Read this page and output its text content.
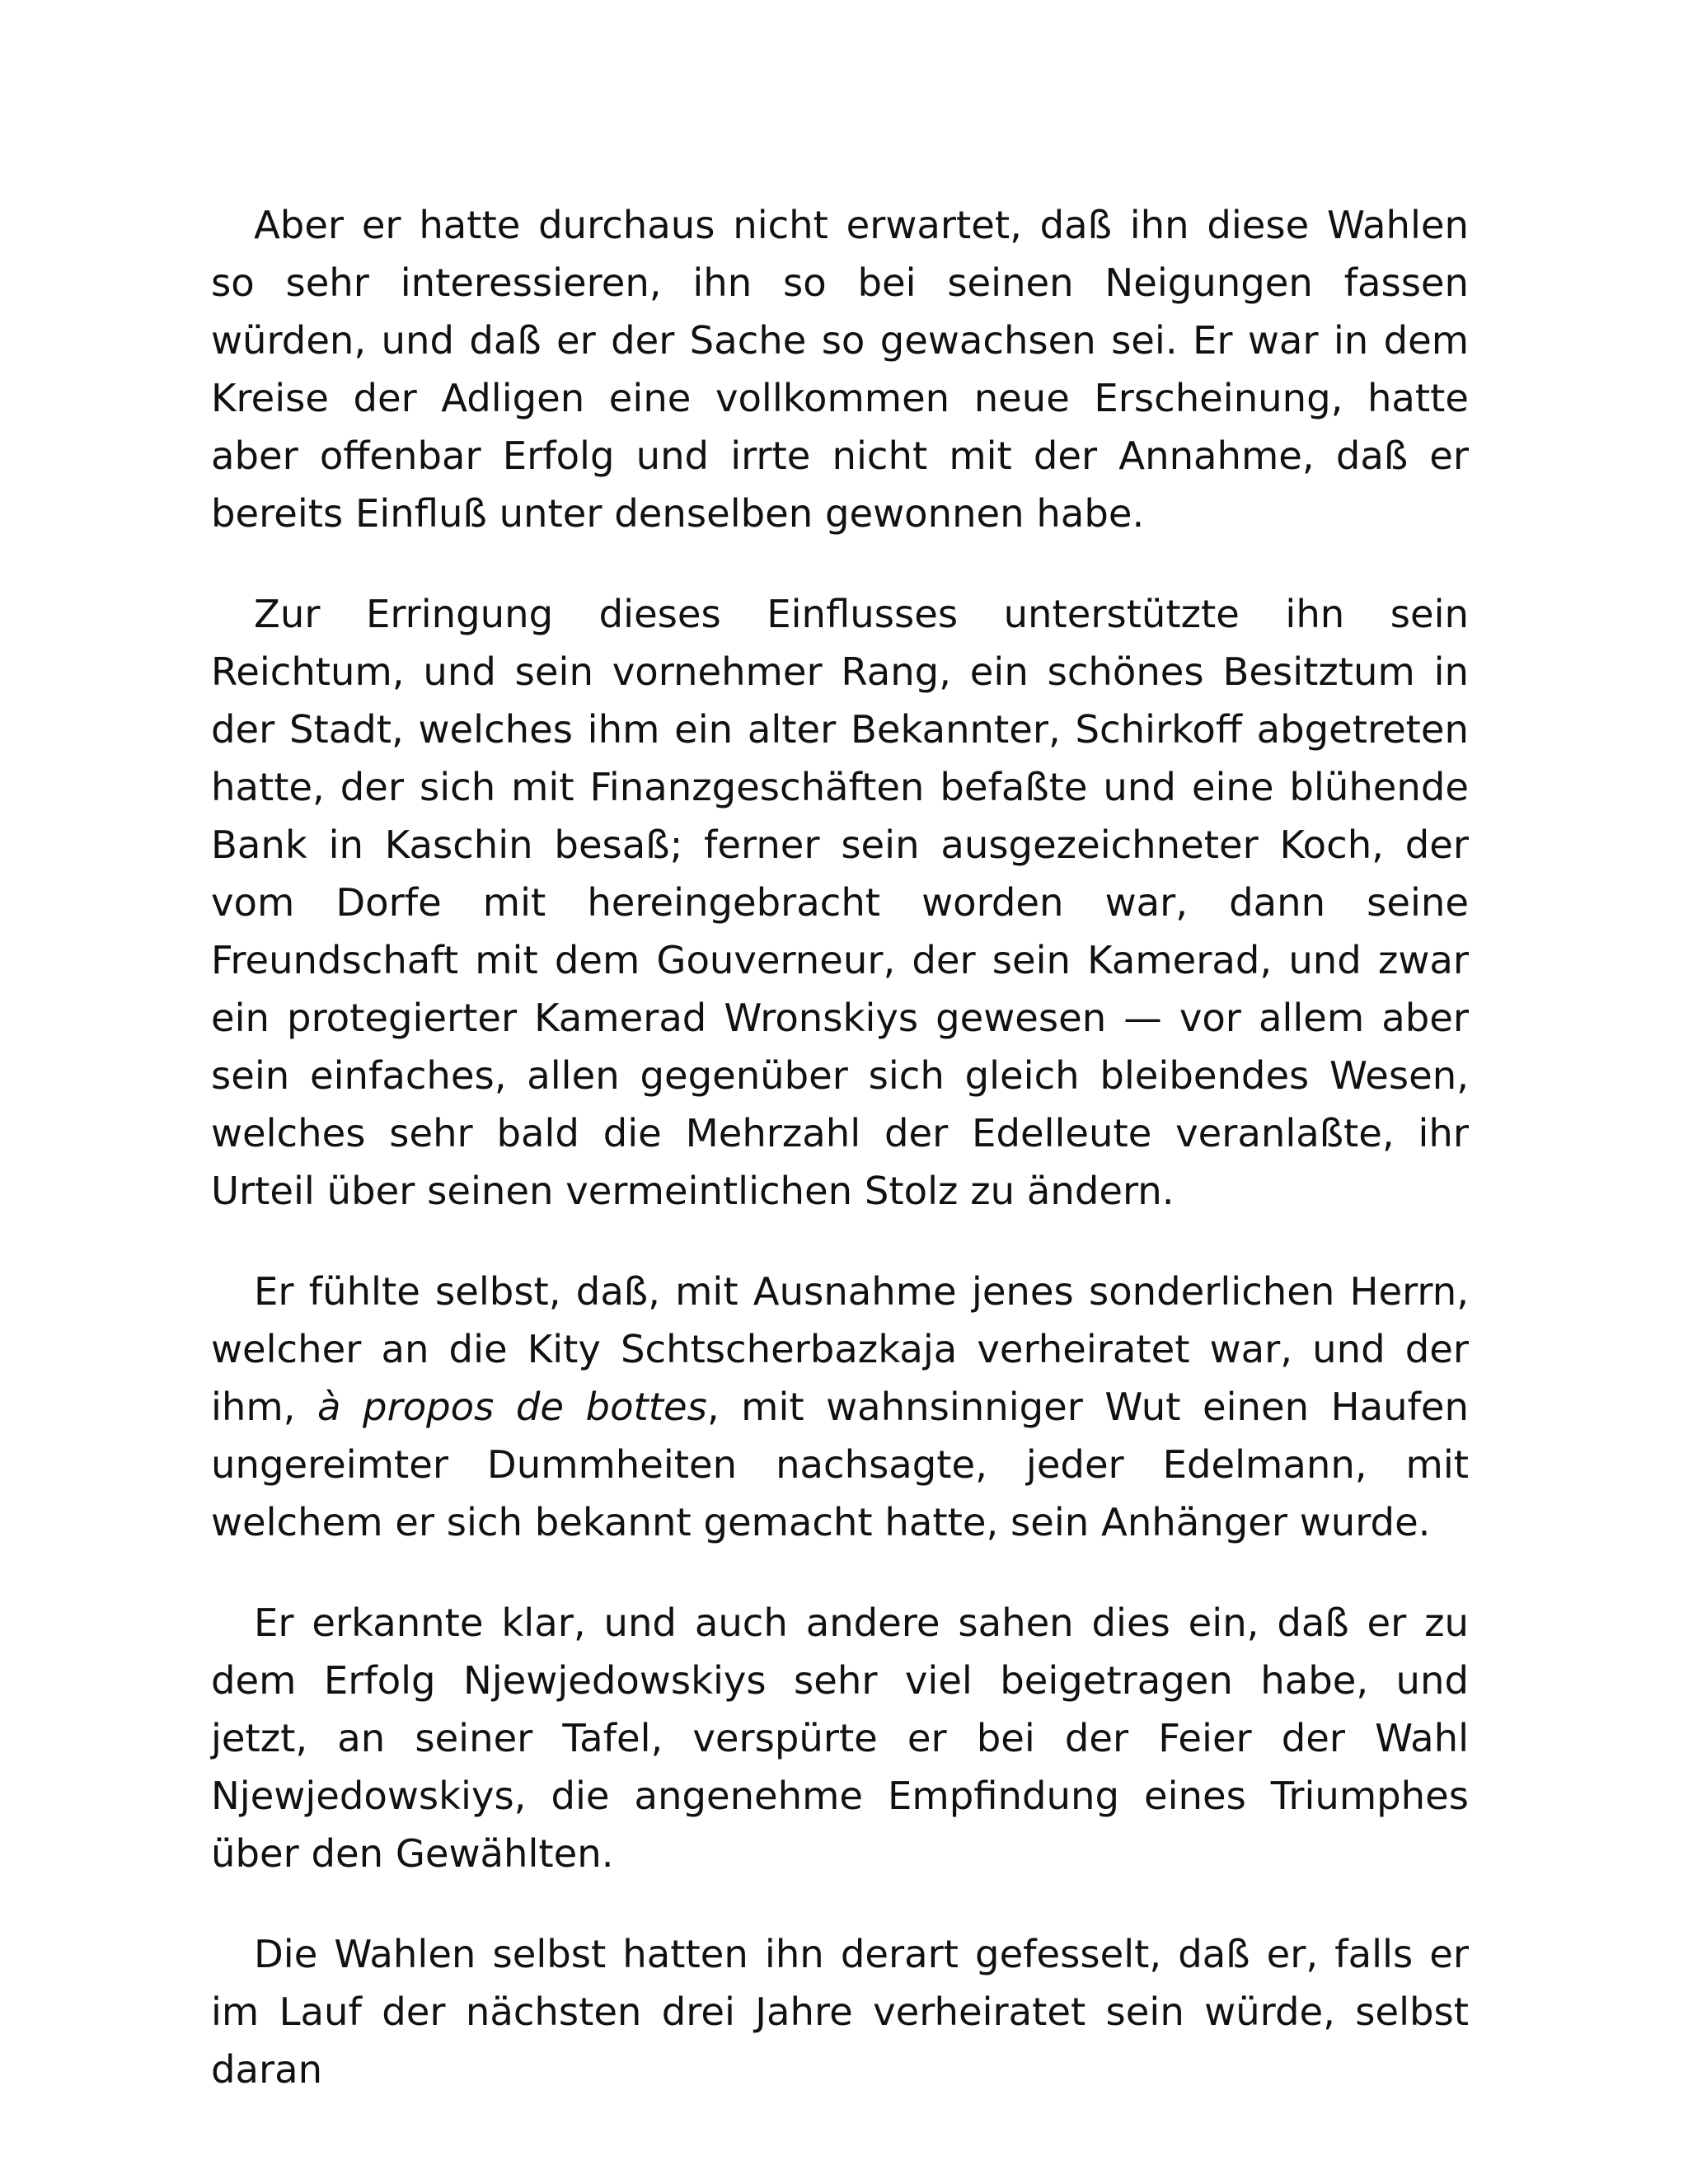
Aber er hatte durchaus nicht erwartet, daß ihn diese Wahlen so sehr interessieren, ihn so bei seinen Neigungen fassen würden, und daß er der Sache so gewachsen sei. Er war in dem Kreise der Adligen eine vollkommen neue Erscheinung, hatte aber offenbar Erfolg und irrte nicht mit der Annahme, daß er bereits Einfluß unter denselben gewonnen habe.

Zur Erringung dieses Einflusses unterstützte ihn sein Reichtum, und sein vornehmer Rang, ein schönes Besitztum in der Stadt, welches ihm ein alter Bekannter, Schirkoff abgetreten hatte, der sich mit Finanzgeschäften befaßte und eine blühende Bank in Kaschin besaß; ferner sein ausgezeichneter Koch, der vom Dorfe mit hereingebracht worden war, dann seine Freundschaft mit dem Gouverneur, der sein Kamerad, und zwar ein protegierter Kamerad Wronskiys gewesen — vor allem aber sein einfaches, allen gegenüber sich gleich bleibendes Wesen, welches sehr bald die Mehrzahl der Edelleute veranlaßte, ihr Urteil über seinen vermeintlichen Stolz zu ändern.

Er fühlte selbst, daß, mit Ausnahme jenes sonderlichen Herrn, welcher an die Kity Schtscherbazkaja verheiratet war, und der ihm, à propos de bottes, mit wahnsinniger Wut einen Haufen ungereimter Dummheiten nachsagte, jeder Edelmann, mit welchem er sich bekannt gemacht hatte, sein Anhänger wurde.

Er erkannte klar, und auch andere sahen dies ein, daß er zu dem Erfolg Njewjedowskiys sehr viel beigetragen habe, und jetzt, an seiner Tafel, verspürte er bei der Feier der Wahl Njewjedowskiys, die angenehme Empfindung eines Triumphes über den Gewählten.

Die Wahlen selbst hatten ihn derart gefesselt, daß er, falls er im Lauf der nächsten drei Jahre verheiratet sein würde, selbst daran
